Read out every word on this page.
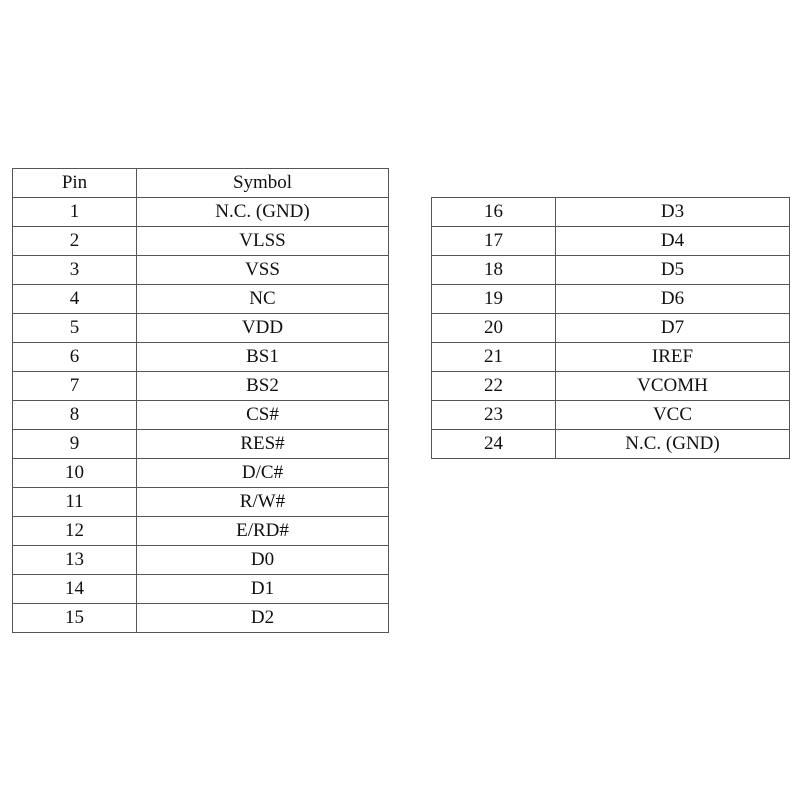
Pin	Symbol
1	N.C. (GND)
2	VLSS
3	VSS
4	NC
5	VDD
6	BS1
7	BS2
8	CS#
9	RES#
10	D/C#
11	R/W#
12	E/RD#
13	D0
14	D1
15	D2
16	D3
17	D4
18	D5
19	D6
20	D7
21	IREF
22	VCOMH
23	VCC
24	N.C. (GND)
